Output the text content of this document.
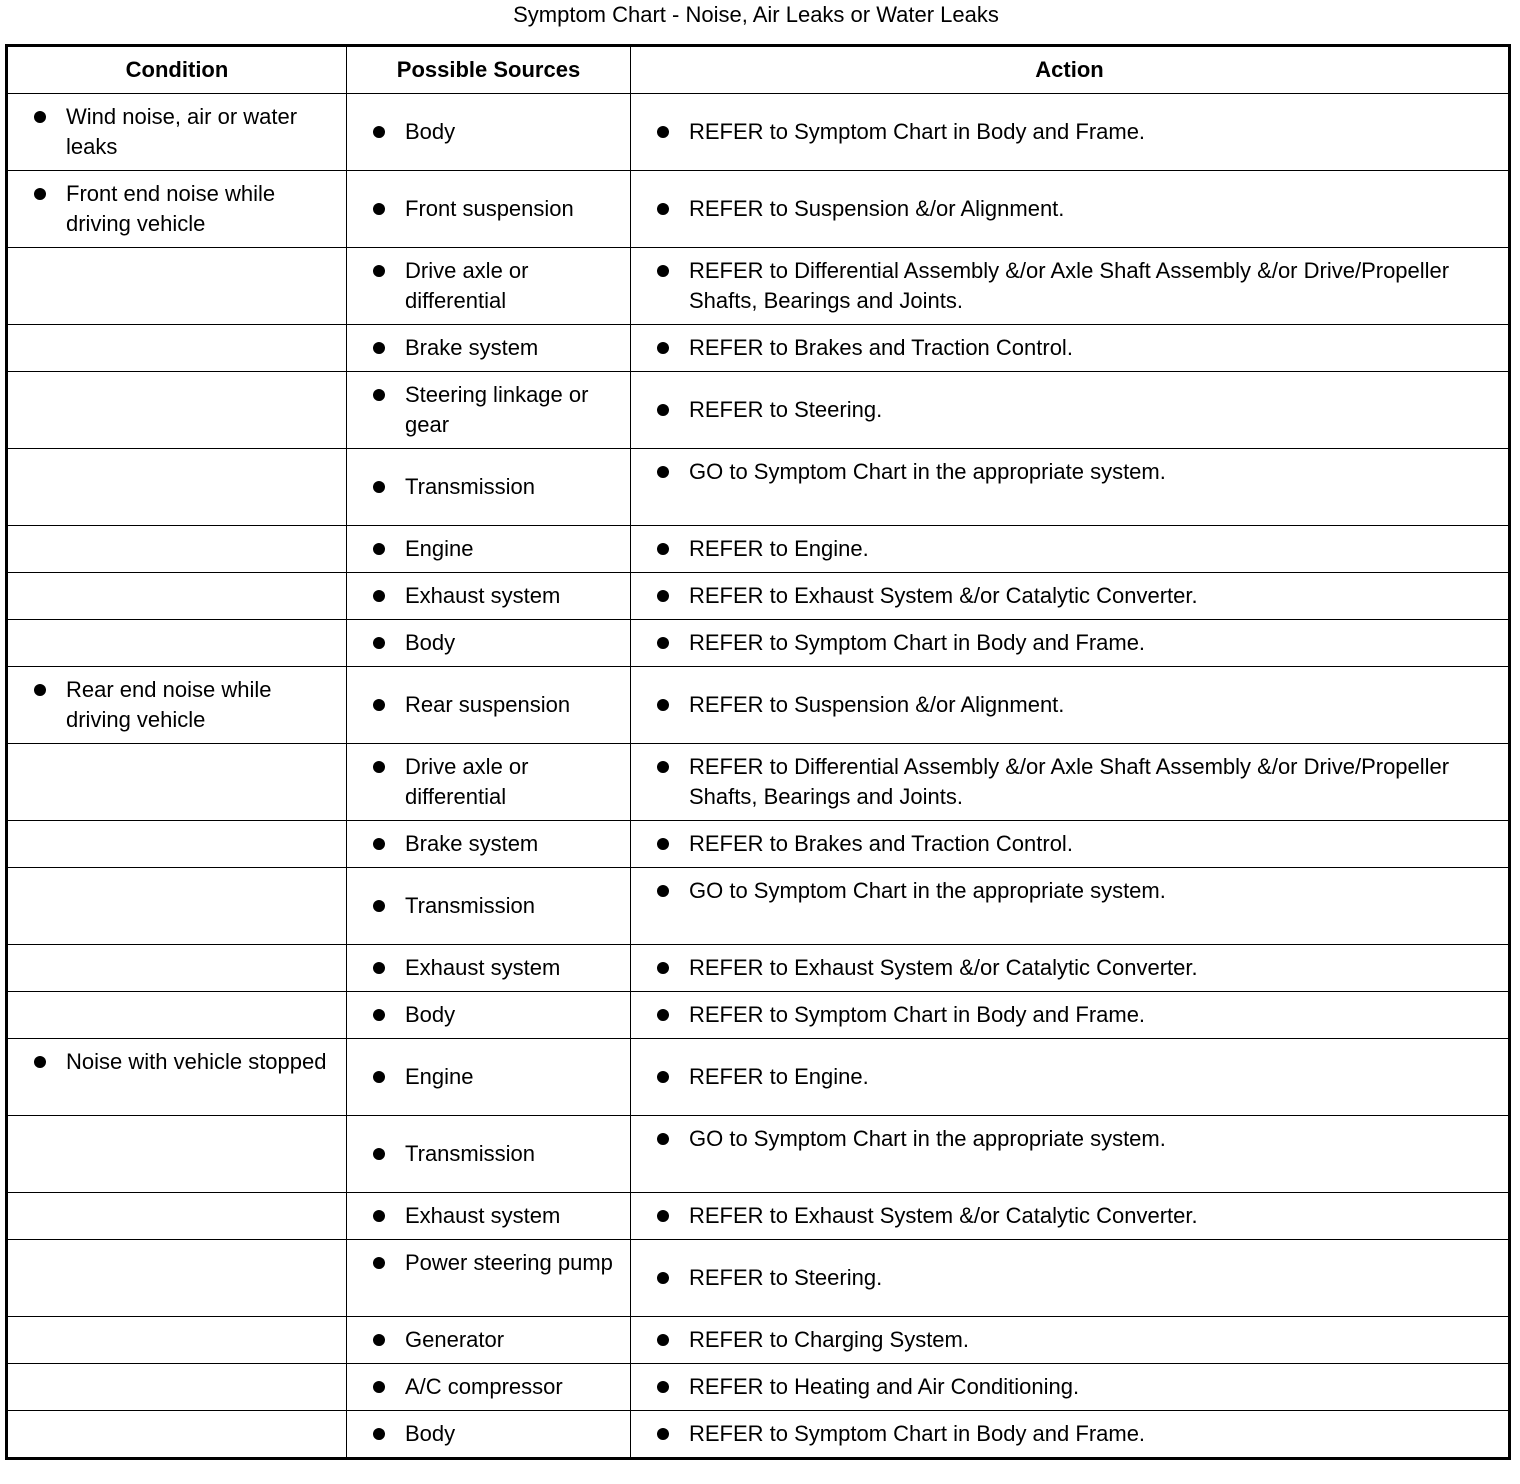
Symptom Chart - Noise, Air Leaks or Water Leaks
Condition	Possible Sources	Action

Wind noise, air or water leaks	Body	REFER to Symptom Chart in Body and Frame.

Front end noise while driving vehicle	Front suspension	REFER to Suspension &/or Alignment.

	Drive axle or differential	REFER to Differential Assembly &/or Axle Shaft Assembly &/or Drive/Propeller Shafts, Bearings and Joints.

	Brake system	REFER to Brakes and Traction Control.

	Steering linkage or gear	REFER to Steering.

	Transmission	GO to Symptom Chart in the appropriate system.

	Engine	REFER to Engine.

	Exhaust system	REFER to Exhaust System &/or Catalytic Converter.

	Body	REFER to Symptom Chart in Body and Frame.

Rear end noise while driving vehicle	Rear suspension	REFER to Suspension &/or Alignment.

	Drive axle or differential	REFER to Differential Assembly &/or Axle Shaft Assembly &/or Drive/Propeller Shafts, Bearings and Joints.

	Brake system	REFER to Brakes and Traction Control.

	Transmission	GO to Symptom Chart in the appropriate system.

	Exhaust system	REFER to Exhaust System &/or Catalytic Converter.

	Body	REFER to Symptom Chart in Body and Frame.

Noise with vehicle stopped	Engine	REFER to Engine.

	Transmission	GO to Symptom Chart in the appropriate system.

	Exhaust system	REFER to Exhaust System &/or Catalytic Converter.

	Power steering pump	REFER to Steering.

	Generator	REFER to Charging System.

	A/C compressor	REFER to Heating and Air Conditioning.

	Body	REFER to Symptom Chart in Body and Frame.
